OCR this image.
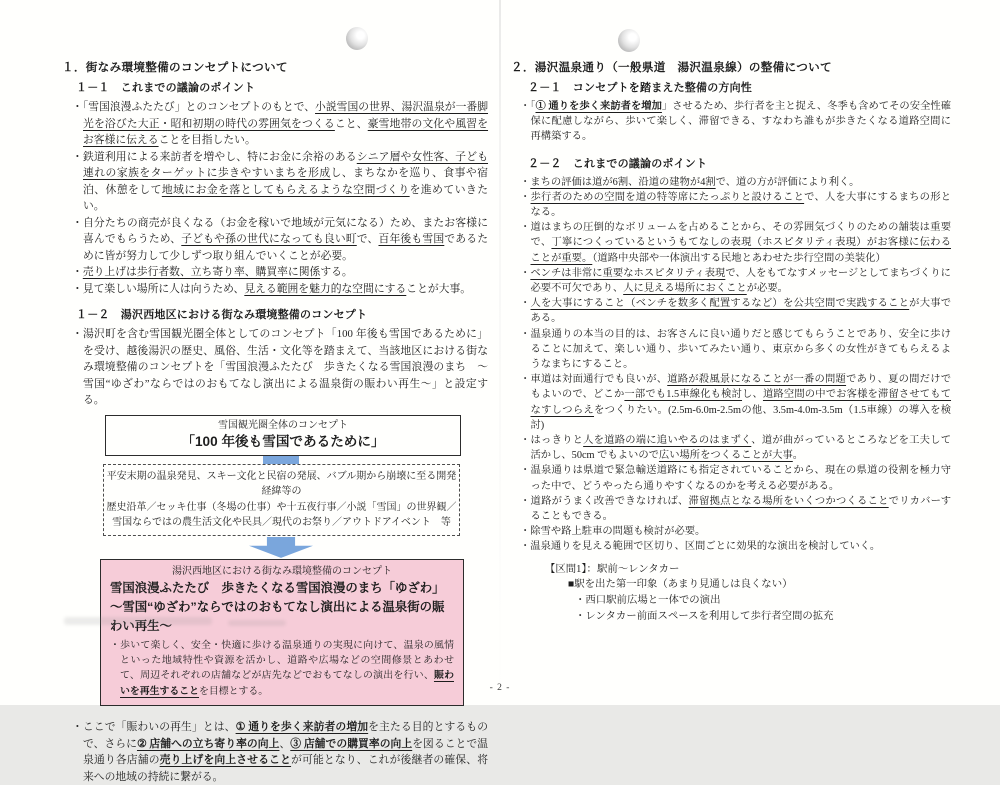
１．街なみ環境整備のコンセプトについて
１－１　これまでの議論のポイント
・「雪国浪漫ふたたび」とのコンセプトのもとで、小説雪国の世界、湯沢温泉が一番脚光を浴びた大正・昭和初期の時代の雰囲気をつくること、豪雪地帯の文化や風習をお客様に伝えることを目指したい。
・鉄道利用による来訪者を増やし、特にお金に余裕のあるシニア層や女性客、子ども連れの家族をターゲットに歩きやすいまちを形成し、まちなかを巡り、食事や宿泊、休憩をして地域にお金を落としてもらえるような空間づくりを進めていきたい。
・自分たちの商売が良くなる（お金を稼いで地域が元気になる）ため、またお客様に喜んでもらうため、子どもや孫の世代になっても良い町で、百年後も雪国であるために皆が努力して少しずつ取り組んでいくことが必要。
・売り上げは歩行者数、立ち寄り率、購買率に関係する。
・見て楽しい場所に人は向うため、見える範囲を魅力的な空間にすることが大事。
１－２　湯沢西地区における街なみ環境整備のコンセプト
・湯沢町を含む雪国観光圏全体としてのコンセプト「100 年後も雪国であるために」を受け、越後湯沢の歴史、風俗、生活・文化等を踏まえて、当該地区における街なみ環境整備のコンセプトを「雪国浪漫ふたたび　歩きたくなる雪国浪漫のまち　〜雪国“ゆざわ”ならではのおもてなし演出による温泉街の賑わい再生〜」と設定する。
雪国観光圏全体のコンセプト
「100 年後も雪国であるために」
平安末期の温泉発見、スキー文化と民宿の発展、バブル期から崩壊に至る開発経緯等の
歴史沿革／セッキ仕事（冬場の仕事）や十五夜行事／小説「雪国」の世界観／
雪国ならではの農生活文化や民具／現代のお祭り／アウトドアイベント　等
湯沢西地区における街なみ環境整備のコンセプト
雪国浪漫ふたたび　歩きたくなる雪国浪漫のまち「ゆざわ」
〜雪国“ゆざわ”ならではのおもてなし演出による温泉街の賑わい再生〜
・歩いて楽しく、安全・快適に歩ける温泉通りの実現に向けて、温泉の風情といった地域特性や資源を活かし、道路や広場などの空間修景とあわせて、周辺それぞれの店舗などが店先などでおもてなしの演出を行い、賑わいを再生することを目標とする。
・ここで「賑わいの再生」とは、① 通りを歩く来訪者の増加を主たる目的とするもので、さらに② 店舗への立ち寄り率の向上、③ 店舗での購買率の向上を図ることで温泉通り各店舗の売り上げを向上させることが可能となり、これが後継者の確保、将来への地域の持続に繋がる。
２．湯沢温泉通り（一般県道　湯沢温泉線）の整備について
２－１　コンセプトを踏まえた整備の方向性
・「① 通りを歩く来訪者を増加」させるため、歩行者を主と捉え、冬季も含めてその安全性確保に配慮しながら、歩いて楽しく、滞留できる、すなわち誰もが歩きたくなる道路空間に再構築する。
２－２　これまでの議論のポイント
・まちの評価は道が6割、沿道の建物が4割で、道の方が評価により利く。
・歩行者のための空間を道の特等席にたっぷりと設けることで、人を大事にするまちの形となる。
・道はまちの圧倒的なボリュームを占めることから、その雰囲気づくりのための舗装は重要で、丁寧につくっているというもてなしの表現（ホスピタリティ表現）がお客様に伝わることが重要。（道路中央部や一体演出する民地とあわせた歩行空間の美装化）
・ベンチは非常に重要なホスピタリティ表現で、人をもてなすメッセージとしてまちづくりに必要不可欠であり、人に見える場所におくことが必要。
・人を大事にすること（ベンチを数多く配置するなど）を公共空間で実践することが大事である。
・温泉通りの本当の目的は、お客さんに良い通りだと感じてもらうことであり、安全に歩けることに加えて、楽しい通り、歩いてみたい通り、東京から多くの女性がきてもらえるようなまちにすること。
・車道は対面通行でも良いが、道路が殺風景になることが一番の問題であり、夏の間だけでもよいので、どこか一部でも1.5車線化も検討し、道路空間の中でお客様を滞留させてもてなすしつらえをつくりたい。(2.5m-6.0m-2.5mの他、3.5m-4.0m-3.5m（1.5車線）の導入を検討)
・はっきりと人を道路の端に追いやるのはまずく、道が曲がっているところなどを工夫して活かし、50cm でもよいので広い場所をつくることが大事。
・温泉通りは県道で緊急輸送道路にも指定されていることから、現在の県道の役割を極力守った中で、どうやったら通りやすくなるのかを考える必要がある。
・道路がうまく改善できなければ、滞留拠点となる場所をいくつかつくることでリカバーすることもできる。
・除雪や路上駐車の問題も検討が必要。
・温泉通りを見える範囲で区切り、区間ごとに効果的な演出を検討していく。
【区間1】：駅前〜レンタカー
■駅を出た第一印象（あまり見通しは良くない）
・西口駅前広場と一体での演出
・レンタカー前面スペースを利用して歩行者空間の拡充
- 2 -
